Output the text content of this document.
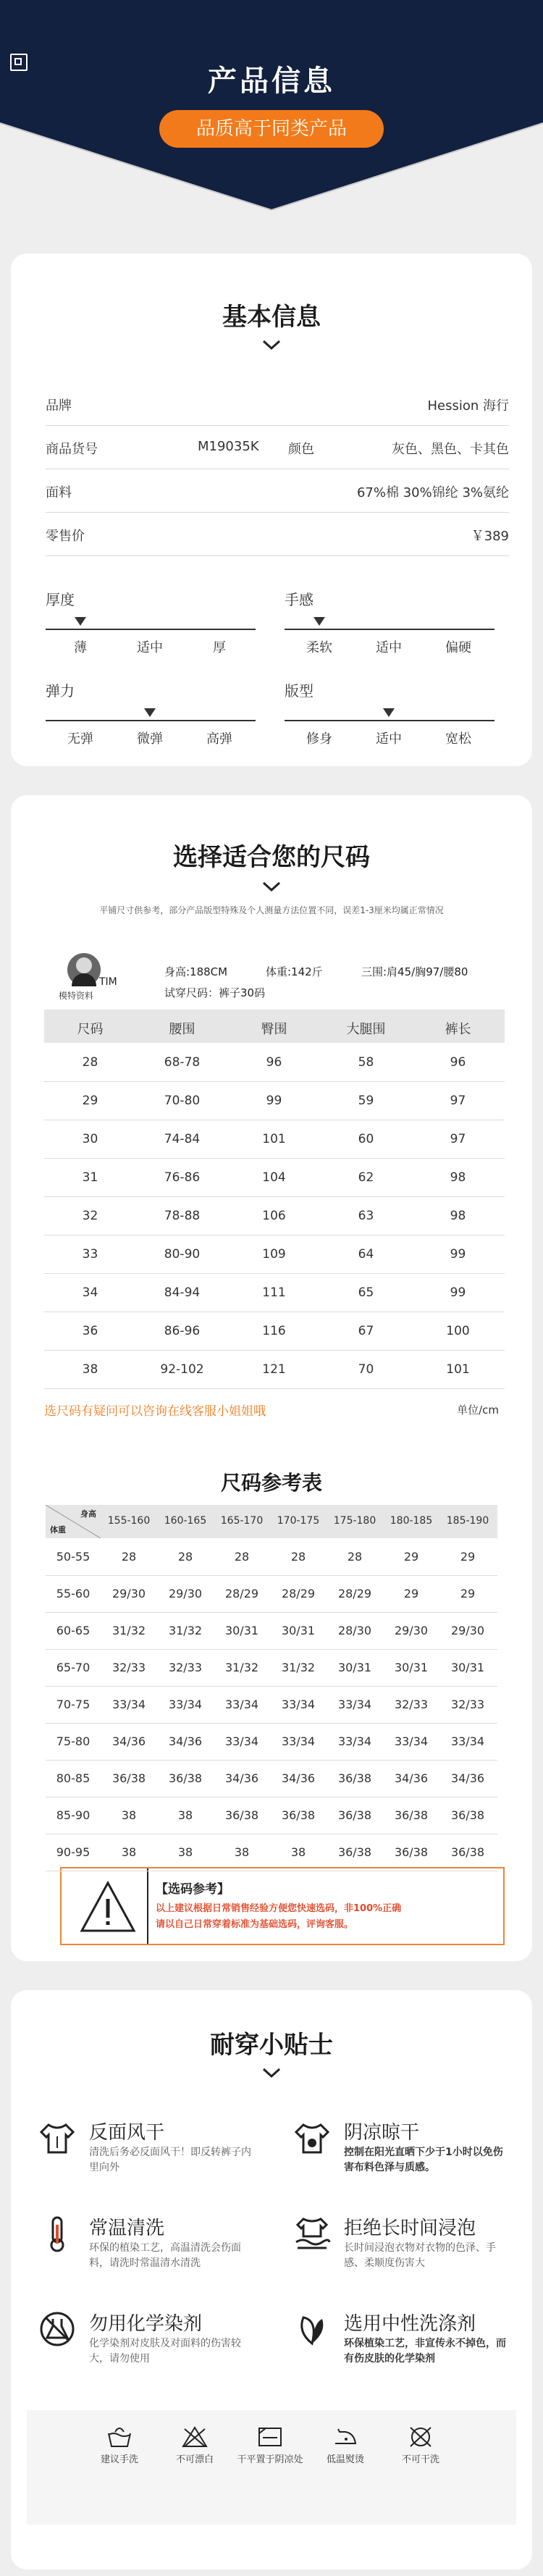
产品信息
品质高于同类产品
基本信息
品牌	Hession 海行
商品货号	M19035K 颜色	灰色、黑色、卡其色
面料	67%棉 30%锦纶 3%氨纶
零售价	￥389
厚度
薄	适中	厚
手感
柔软	适中	偏硬
弹力
无弹	微弹	高弹
版型
修身	适中	宽松
选择适合您的尺码
平铺尺寸供参考，部分产品版型特殊及个人测量方法位置不同，误差1-3厘米均属正常情况
TIM
模特资料
身高:188CM	体重:142斤	三围:肩45/胸97/腰80
试穿尺码：裤子30码
选尺码有疑问可以咨询在线客服小姐姐哦	单位/cm
尺码参考表
身高
体重
【选码参考】
以上建议根据日常销售经验方便您快速选码，非100%正确
请以自己日常穿着标准为基础选码，评询客服。
尺码	腰围	臀围	大腿围	裤长
28	68-78	96	58	96
29	70-80	99	59	97
30	74-84	101	60	97
31	76-86	104	62	98
32	78-88	106	63	98
33	80-90	109	64	99
34	84-94	111	65	99
36	86-96	116	67	100
38	92-102	121	70	101
155-160	160-165	165-170	170-175	175-180	180-185	185-190
50-55	28	28	28	28	28	29	29
55-60	29/30	29/30	28/29	28/29	28/29	29	29
60-65	31/32	31/32	30/31	30/31	28/30	29/30	29/30
65-70	32/33	32/33	31/32	31/32	30/31	30/31	30/31
70-75	33/34	33/34	33/34	33/34	33/34	32/33	32/33
75-80	34/36	34/36	33/34	33/34	33/34	33/34	33/34
80-85	36/38	36/38	34/36	34/36	36/38	34/36	34/36
85-90	38	38	36/38	36/38	36/38	36/38	36/38
90-95	38	38	38	38	36/38	36/38	36/38
耐穿小贴士
反面风干
清洗后务必反面风干！即反转裤子内里向外
阴凉晾干
控制在阳光直晒下少于1小时以免伤害布料色泽与质感。
常温清洗
环保的植染工艺，高温清洗会伤面料，请洗时常温清水清洗
拒绝长时间浸泡
长时间浸泡衣物对衣物的色泽、手感、柔顺度伤害大
勿用化学染剂
化学染剂对皮肤及对面料的伤害较大，请勿使用
选用中性洗涤剂
环保植染工艺，非宣传永不掉色，而有伤皮肤的化学染剂
建议手洗	不可漂白	干平置于阴凉处	低温熨烫	不可干洗
